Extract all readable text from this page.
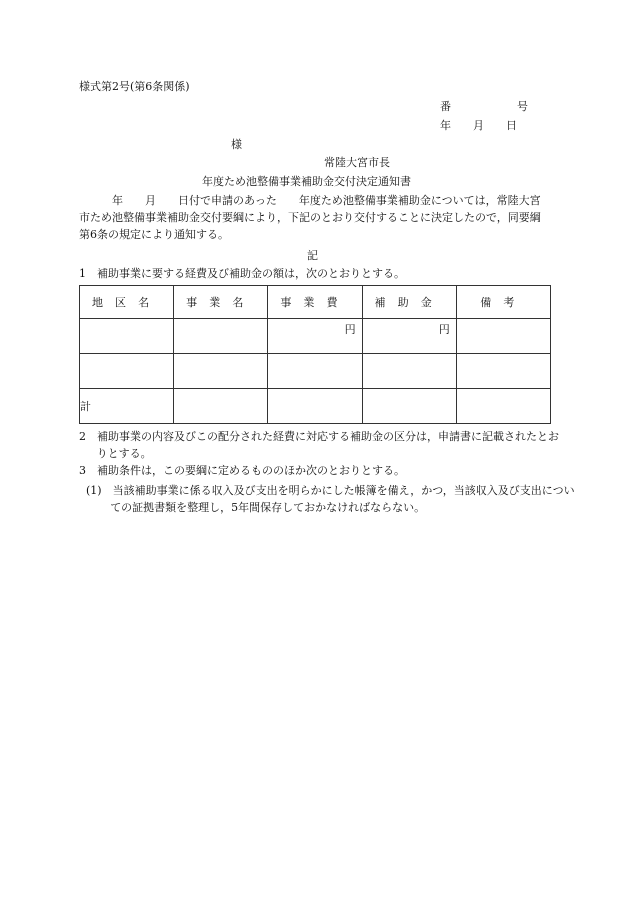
様式第2号(第6条関係)
番　　　　　　号
年　　月　　日
様
常陸大宮市長
年度ため池整備事業補助金交付決定通知書
年　　月　　日付で申請のあった　　年度ため池整備事業補助金については，常陸大宮市ため池整備事業補助金交付要綱により，下記のとおり交付することに決定したので，同要綱第6条の規定により通知する。
記
1　補助事業に要する経費及び補助金の額は，次のとおりとする。
地区名	事業名	事業費	補助金	備考

		円	円	

計				
2　補助事業の内容及びこの配分された経費に対応する補助金の区分は，申請書に記載されたとおりとする。
3　補助条件は，この要綱に定めるもののほか次のとおりとする。
(1)　当該補助事業に係る収入及び支出を明らかにした帳簿を備え，かつ，当該収入及び支出についての証拠書類を整理し，5年間保存しておかなければならない。
